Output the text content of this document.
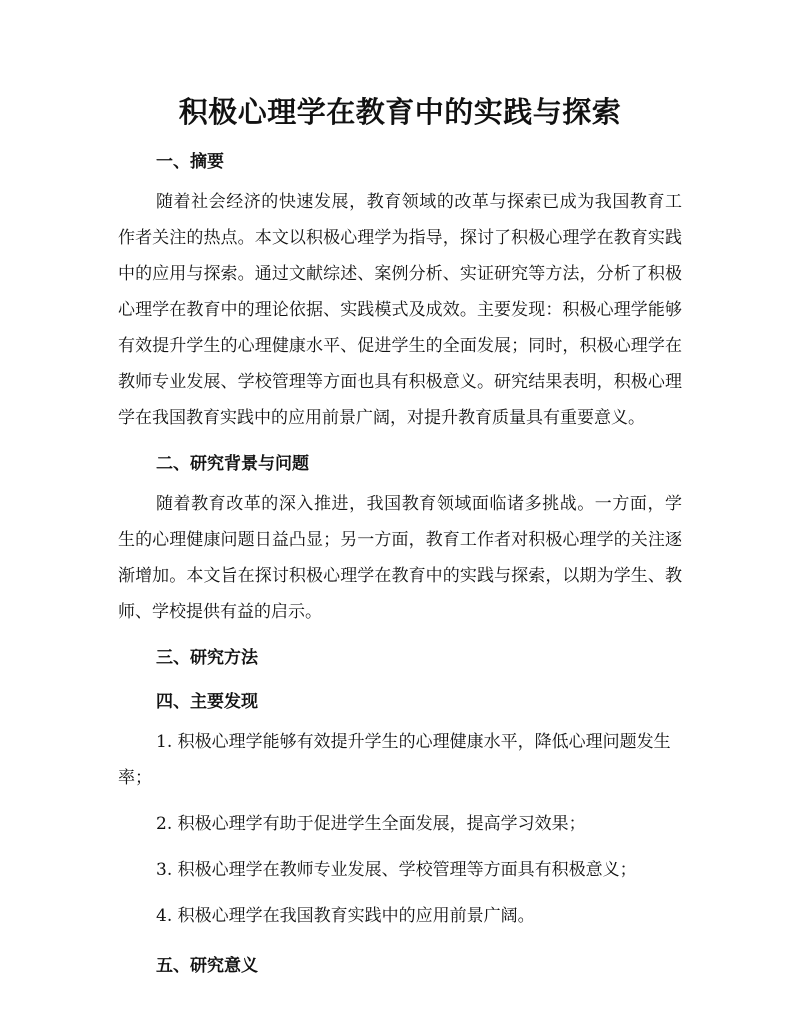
积极心理学在教育中的实践与探索

一、摘要

随着社会经济的快速发展，教育领域的改革与探索已成为我国教育工作者关注的热点。本文以积极心理学为指导，探讨了积极心理学在教育实践中的应用与探索。通过文献综述、案例分析、实证研究等方法，分析了积极心理学在教育中的理论依据、实践模式及成效。主要发现：积极心理学能够有效提升学生的心理健康水平、促进学生的全面发展；同时，积极心理学在教师专业发展、学校管理等方面也具有积极意义。研究结果表明，积极心理学在我国教育实践中的应用前景广阔，对提升教育质量具有重要意义。

二、研究背景与问题

随着教育改革的深入推进，我国教育领域面临诸多挑战。一方面，学生的心理健康问题日益凸显；另一方面，教育工作者对积极心理学的关注逐渐增加。本文旨在探讨积极心理学在教育中的实践与探索，以期为学生、教师、学校提供有益的启示。

三、研究方法

四、主要发现

1. 积极心理学能够有效提升学生的心理健康水平，降低心理问题发生率；

2. 积极心理学有助于促进学生全面发展，提高学习效果；

3. 积极心理学在教师专业发展、学校管理等方面具有积极意义；

4. 积极心理学在我国教育实践中的应用前景广阔。

五、研究意义
